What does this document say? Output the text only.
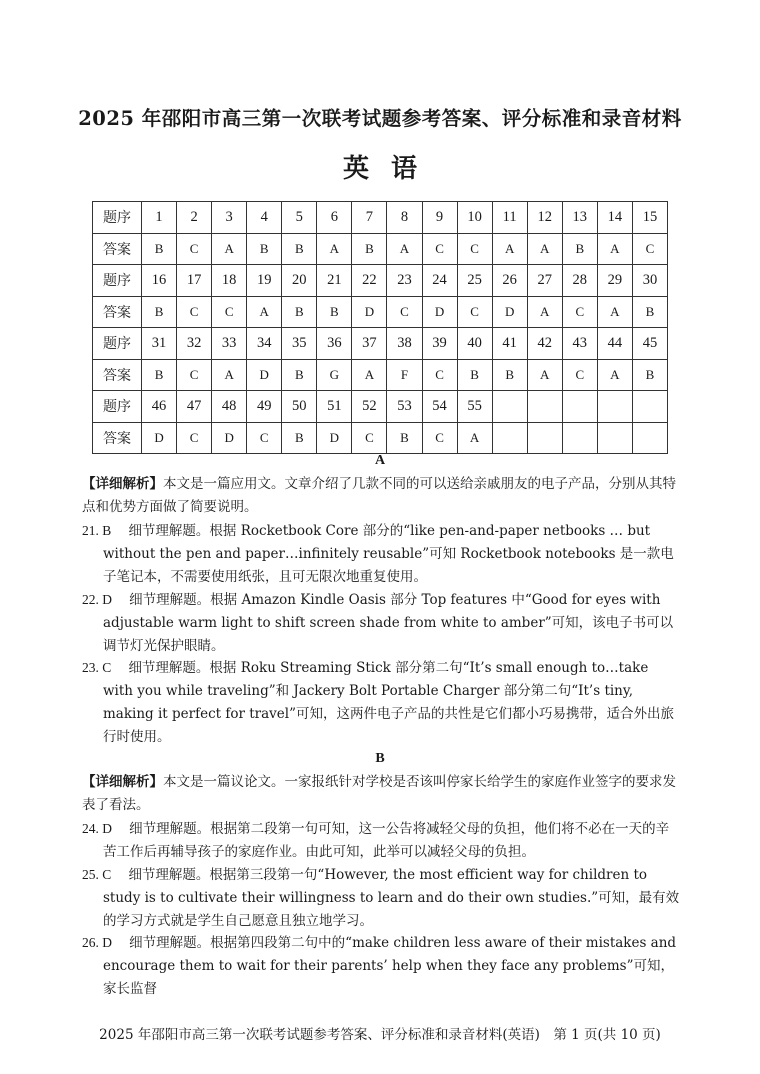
2025 年邵阳市高三第一次联考试题参考答案、评分标准和录音材料
英语
题序	1	2	3	4	5	6	7	8	9	10	11	12	13	14	15
答案	B	C	A	B	B	A	B	A	C	C	A	A	B	A	C
题序	16	17	18	19	20	21	22	23	24	25	26	27	28	29	30
答案	B	C	C	A	B	B	D	C	D	C	D	A	C	A	B
题序	31	32	33	34	35	36	37	38	39	40	41	42	43	44	45
答案	B	C	A	D	B	G	A	F	C	B	B	A	C	A	B
题序	46	47	48	49	50	51	52	53	54	55					
答案	D	C	D	C	B	D	C	B	C	A					
A
【详细解析】本文是一篇应用文。文章介绍了几款不同的可以送给亲戚朋友的电子产品，分别从其特点和优势方面做了简要说明。
21. B 细节理解题。根据 Rocketbook Core 部分的“like pen-and-paper netbooks … but without the pen and paper…infinitely reusable”可知 Rocketbook notebooks 是一款电子笔记本，不需要使用纸张，且可无限次地重复使用。
22. D 细节理解题。根据 Amazon Kindle Oasis 部分 Top features 中“Good for eyes with adjustable warm light to shift screen shade from white to amber”可知，该电子书可以调节灯光保护眼睛。
23. C 细节理解题。根据 Roku Streaming Stick 部分第二句“It’s small enough to…take with you while traveling”和 Jackery Bolt Portable Charger 部分第二句“It’s tiny, making it perfect for travel”可知，这两件电子产品的共性是它们都小巧易携带，适合外出旅行时使用。
B
【详细解析】本文是一篇议论文。一家报纸针对学校是否该叫停家长给学生的家庭作业签字的要求发表了看法。
24. D 细节理解题。根据第二段第一句可知，这一公告将减轻父母的负担，他们将不必在一天的辛苦工作后再辅导孩子的家庭作业。由此可知，此举可以减轻父母的负担。
25. C 细节理解题。根据第三段第一句“However, the most efficient way for children to study is to cultivate their willingness to learn and do their own studies.”可知，最有效的学习方式就是学生自己愿意且独立地学习。
26. D 细节理解题。根据第四段第二句中的“make children less aware of their mistakes and encourage them to wait for their parents’ help when they face any problems”可知，家长监督
2025 年邵阳市高三第一次联考试题参考答案、评分标准和录音材料(英语)　第 1 页(共 10 页)
